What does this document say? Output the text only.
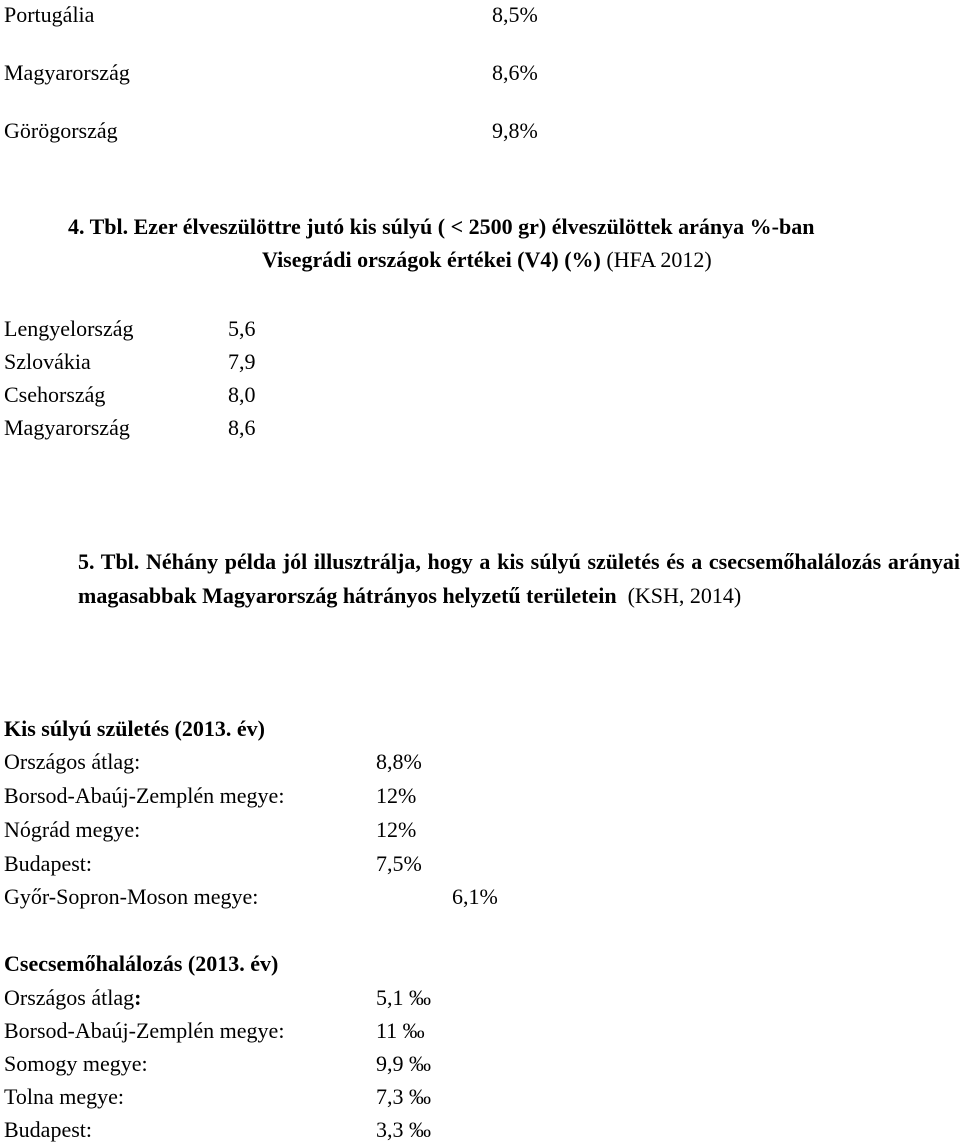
Portugália	8,5%
Magyarország	8,6%
Görögország	9,8%
4. Tbl. Ezer élveszülöttre jutó kis súlyú ( < 2500 gr) élveszülöttek aránya %-ban
Visegrádi országok értékei (V4) (%) (HFA 2012)
Lengyelország	5,6
Szlovákia	7,9
Csehország	8,0
Magyarország	8,6
5. Tbl. Néhány példa jól illusztrálja, hogy a kis súlyú születés és a csecsemőhalálozás arányai magasabbak Magyarország hátrányos helyzetű területein (KSH, 2014)
Kis súlyú születés (2013. év)
Országos átlag:	8,8%
Borsod-Abaúj-Zemplén megye:	12%
Nógrád megye:	12%
Budapest:	7,5%
Győr-Sopron-Moson megye:	6,1%
Csecsemőhalálozás (2013. év)
Országos átlag:	5,1 ‰
Borsod-Abaúj-Zemplén megye:	11 ‰
Somogy megye:	9,9 ‰
Tolna megye:	7,3 ‰
Budapest:	3,3 ‰
